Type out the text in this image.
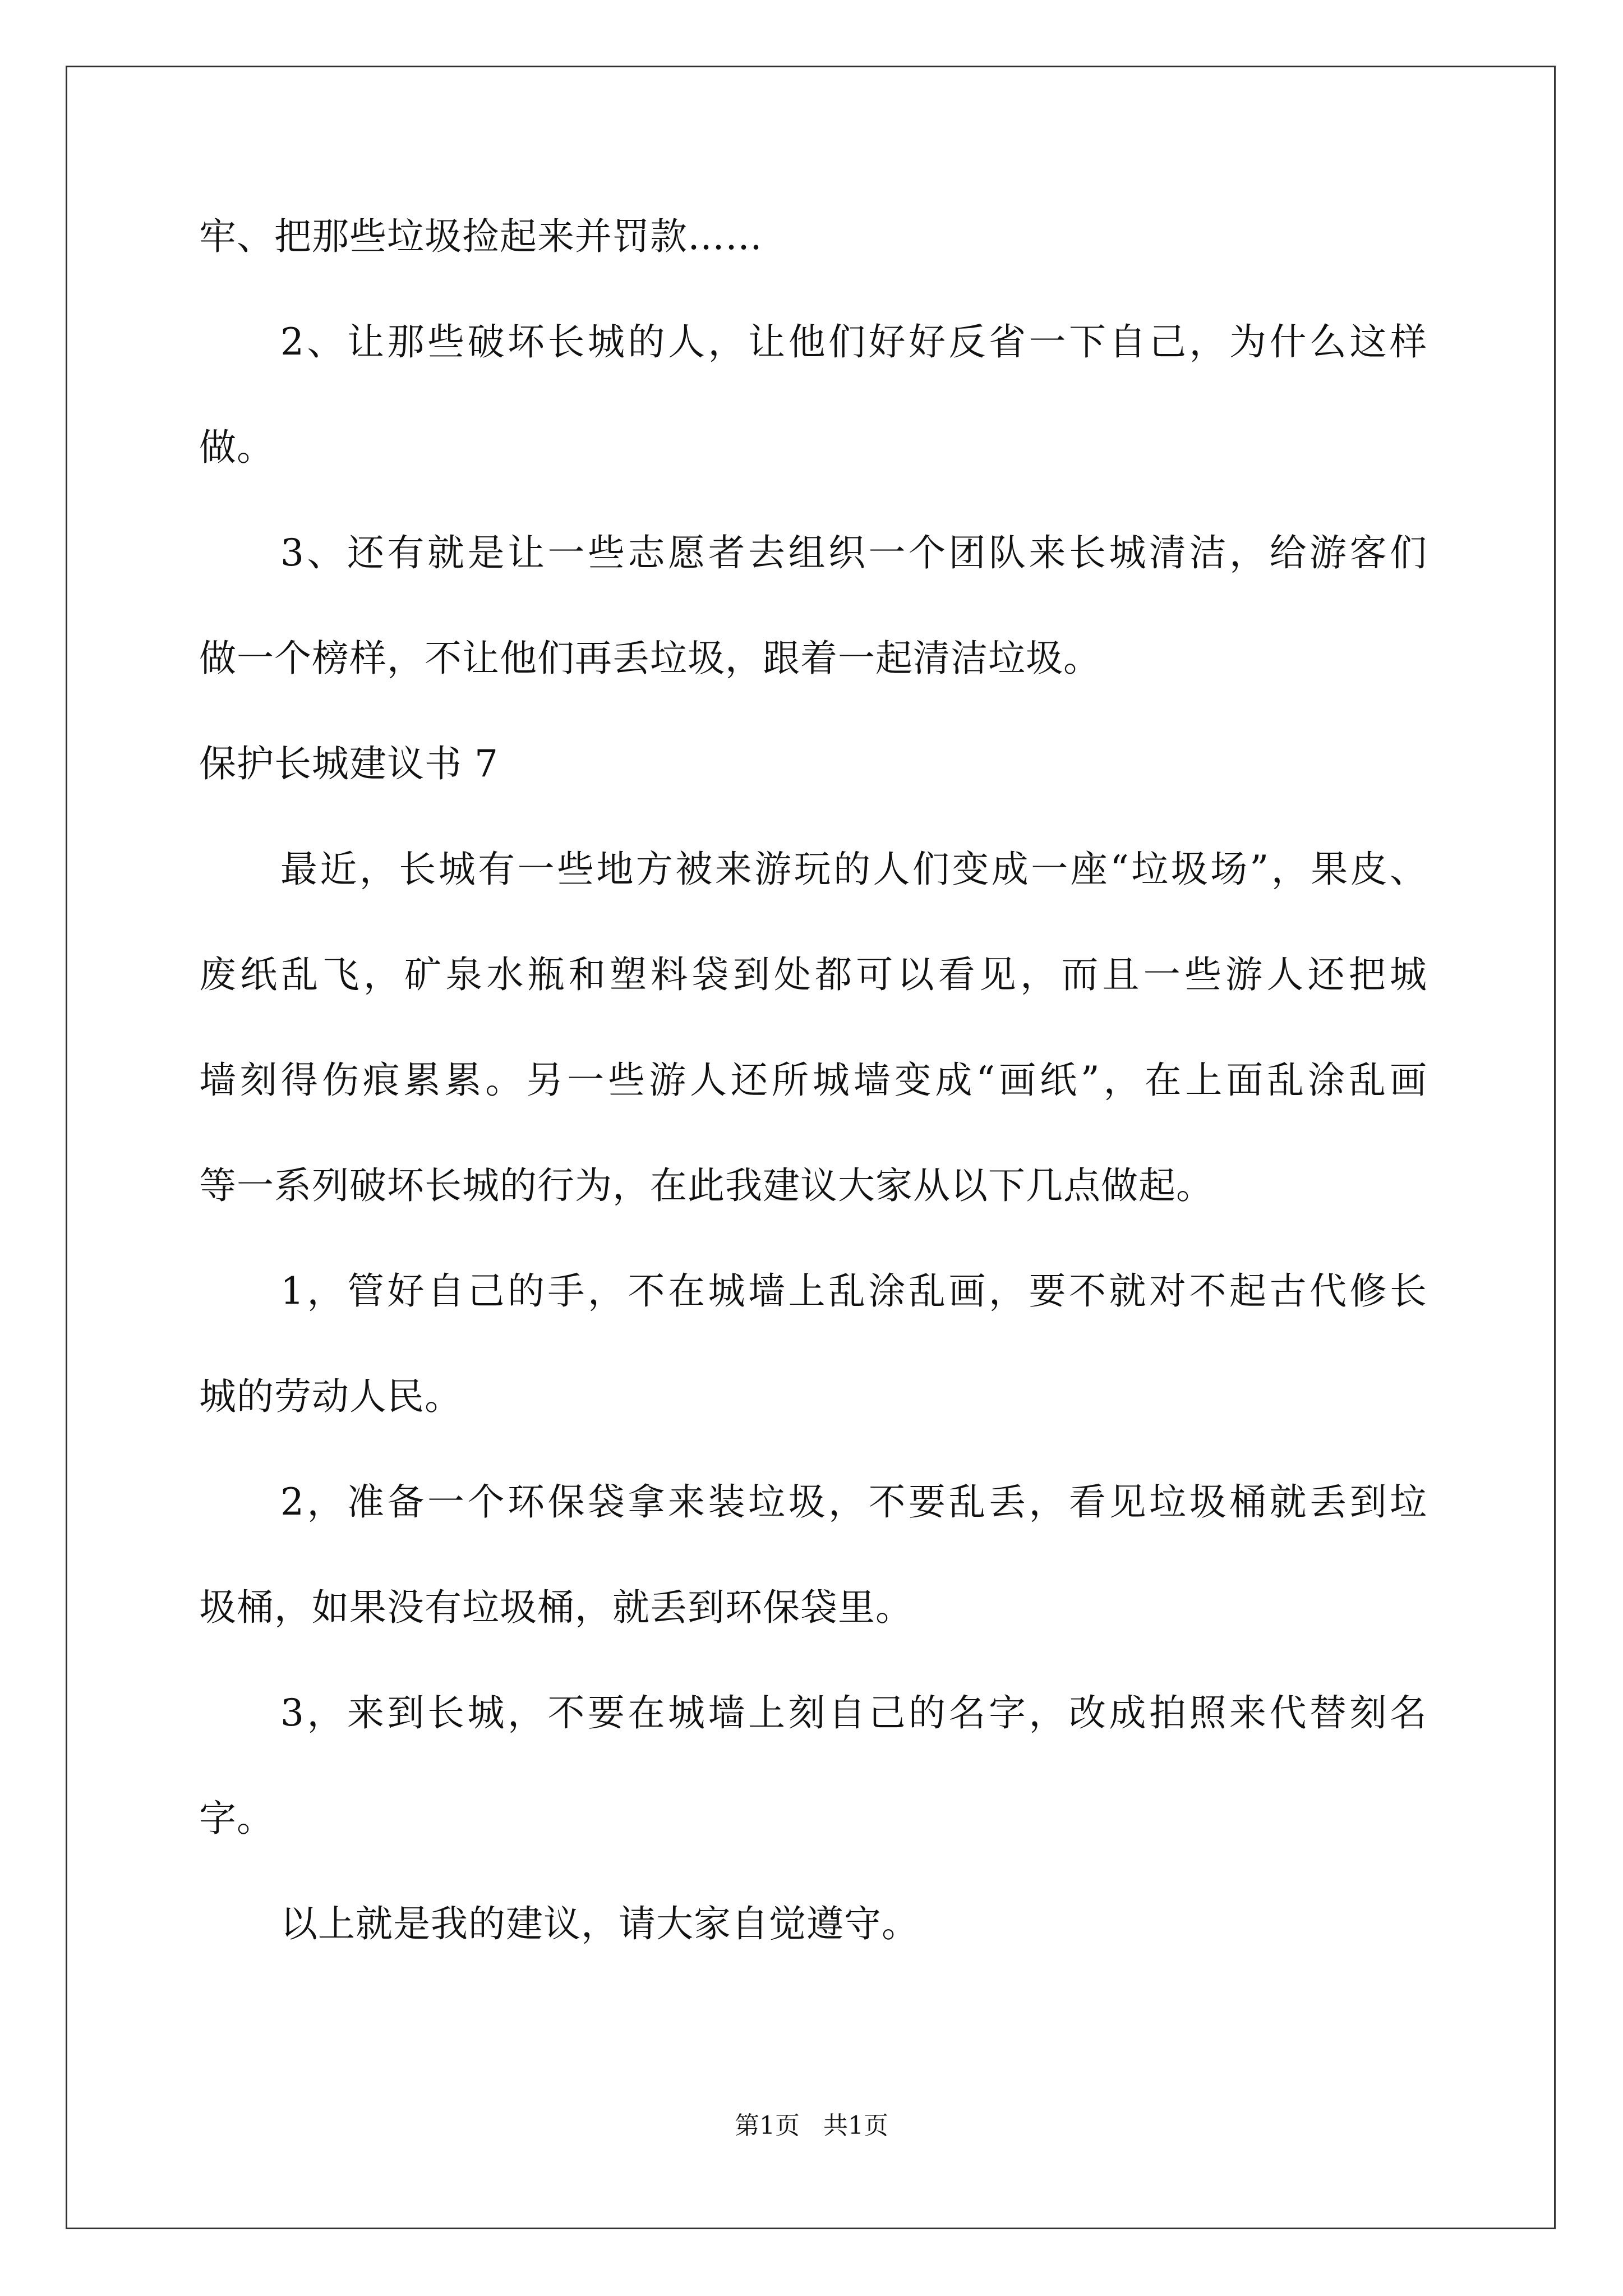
牢、把那些垃圾捡起来并罚款……
2、让那些破坏长城的人，让他们好好反省一下自己，为什么这样
做。
3、还有就是让一些志愿者去组织一个团队来长城清洁，给游客们
做一个榜样，不让他们再丢垃圾，跟着一起清洁垃圾。
保护长城建议书 7
最近，长城有一些地方被来游玩的人们变成一座“垃圾场”，果皮、
废纸乱飞，矿泉水瓶和塑料袋到处都可以看见，而且一些游人还把城
墙刻得伤痕累累。另一些游人还所城墙变成“画纸”，在上面乱涂乱画
等一系列破坏长城的行为，在此我建议大家从以下几点做起。
1，管好自己的手，不在城墙上乱涂乱画，要不就对不起古代修长
城的劳动人民。
2，准备一个环保袋拿来装垃圾，不要乱丢，看见垃圾桶就丢到垃
圾桶，如果没有垃圾桶，就丢到环保袋里。
3，来到长城，不要在城墙上刻自己的名字，改成拍照来代替刻名
字。
以上就是我的建议，请大家自觉遵守。
第1页 共1页
